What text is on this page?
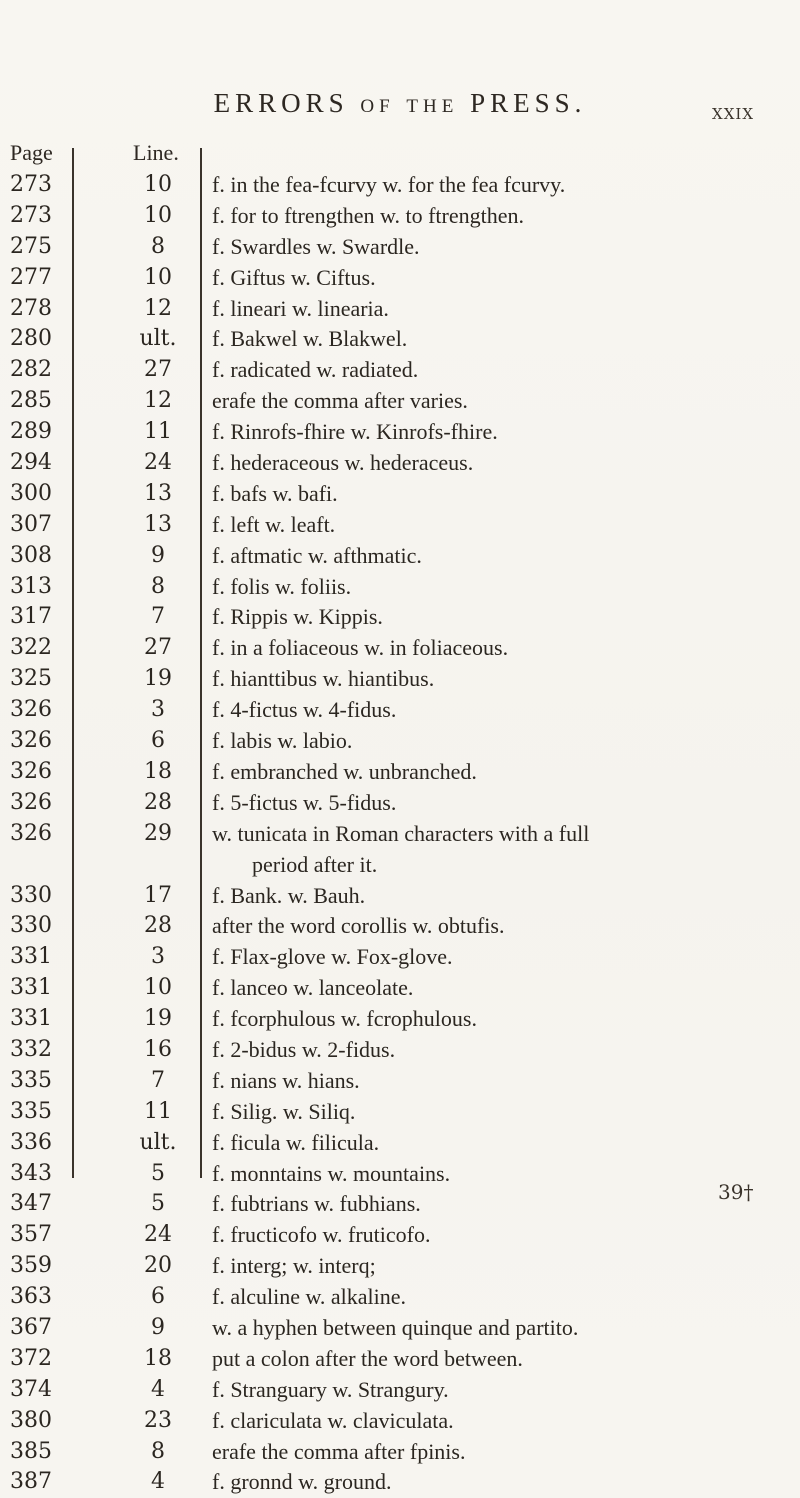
ERRORS of the PRESS.	xxix
Page	Line.
273	10	f. in the fea-fcurvy w. for the fea fcurvy.
273	10	f. for to ftrengthen w. to ftrengthen.
275	8	f. Swardles w. Swardle.
277	10	f. Giftus w. Ciftus.
278	12	f. lineari w. linearia.
280	ult.	f. Bakwel w. Blakwel.
282	27	f. radicated w. radiated.
285	12	erafe the comma after varies.
289	11	f. Rinrofs-fhire w. Kinrofs-fhire.
294	24	f. hederaceous w. hederaceus.
300	13	f. bafs w. bafi.
307	13	f. left w. leaft.
308	9	f. aftmatic w. afthmatic.
313	8	f. folis w. foliis.
317	7	f. Rippis w. Kippis.
322	27	f. in a foliaceous w. in foliaceous.
325	19	f. hianttibus w. hiantibus.
326	3	f. 4-fictus w. 4-fidus.
326	6	f. labis w. labio.
326	18	f. embranched w. unbranched.
326	28	f. 5-fictus w. 5-fidus.
326	29	w. tunicata in Roman characters with a full
period after it.
330	17	f. Bank. w. Bauh.
330	28	after the word corollis w. obtufis.
331	3	f. Flax-glove w. Fox-glove.
331	10	f. lanceo w. lanceolate.
331	19	f. fcorphulous w. fcrophulous.
332	16	f. 2-bidus w. 2-fidus.
335	7	f. nians w. hians.
335	11	f. Silig. w. Siliq.
336	ult.	f. ficula w. filicula.
343	5	f. monntains w. mountains.
347	5	f. fubtrians w. fubhians.
357	24	f. fructicofo w. fruticofo.
359	20	f. interg; w. interq;
363	6	f. alculine w. alkaline.
367	9	w. a hyphen between quinque and partito.
372	18	put a colon after the word between.
374	4	f. Stranguary w. Strangury.
380	23	f. clariculata w. claviculata.
385	8	erafe the comma after fpinis.
387	4	f. gronnd w. ground.
39†
